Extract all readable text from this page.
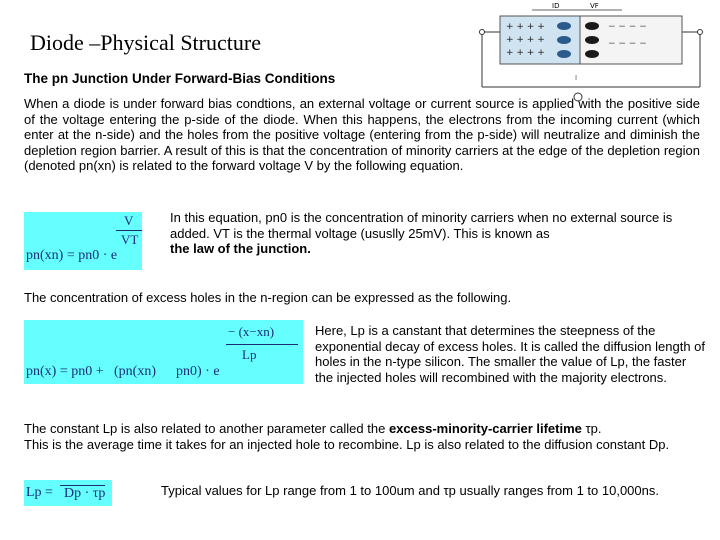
Diode –Physical Structure
ID	VF
+ + + +
+ + + +
+ + + +
− − − −
− − − −
I
The pn Junction Under Forward-Bias Conditions
When a diode is under forward bias condtions, an external voltage or current source is applied with the positive side of the voltage entering the p-side of the diode. When this happens, the electrons from the incoming current (which enter at the n-side) and the holes from the positive voltage (entering from the p-side) will neutralize and diminish the depletion region barrier. A result of this is that the concentration of minority carriers at the edge of the depletion region (denoted pn(xn) is related to the forward voltage V by the following equation.
V
VT
pn(xn) = pn0 · e
In this equation, pn0 is the concentration of minority carriers when no external source is added. VT is the thermal voltage (ususlly 25mV). This is known as
the law of the junction.
The concentration of excess holes in the n-region can be expressed as the following.
− (x−xn)
Lp
pn(x) = pn0 + (pn(xn) pn0) · e
Here, Lp is a canstant that determines the steepness of the exponential decay of excess holes. It is called the diffusion length of holes in the n-type silicon. The smaller the value of Lp, the faster the injected holes will recombined with the majority electrons.
The constant Lp is also related to another parameter called the excess-minority-carrier lifetime τp.
This is the average time it takes for an injected hole to recombine. Lp is also related to the diffusion constant Dp.
Lp = Dp · τp	Typical values for Lp range from 1 to 100um and τp usually ranges from 1 to 10,000ns.
